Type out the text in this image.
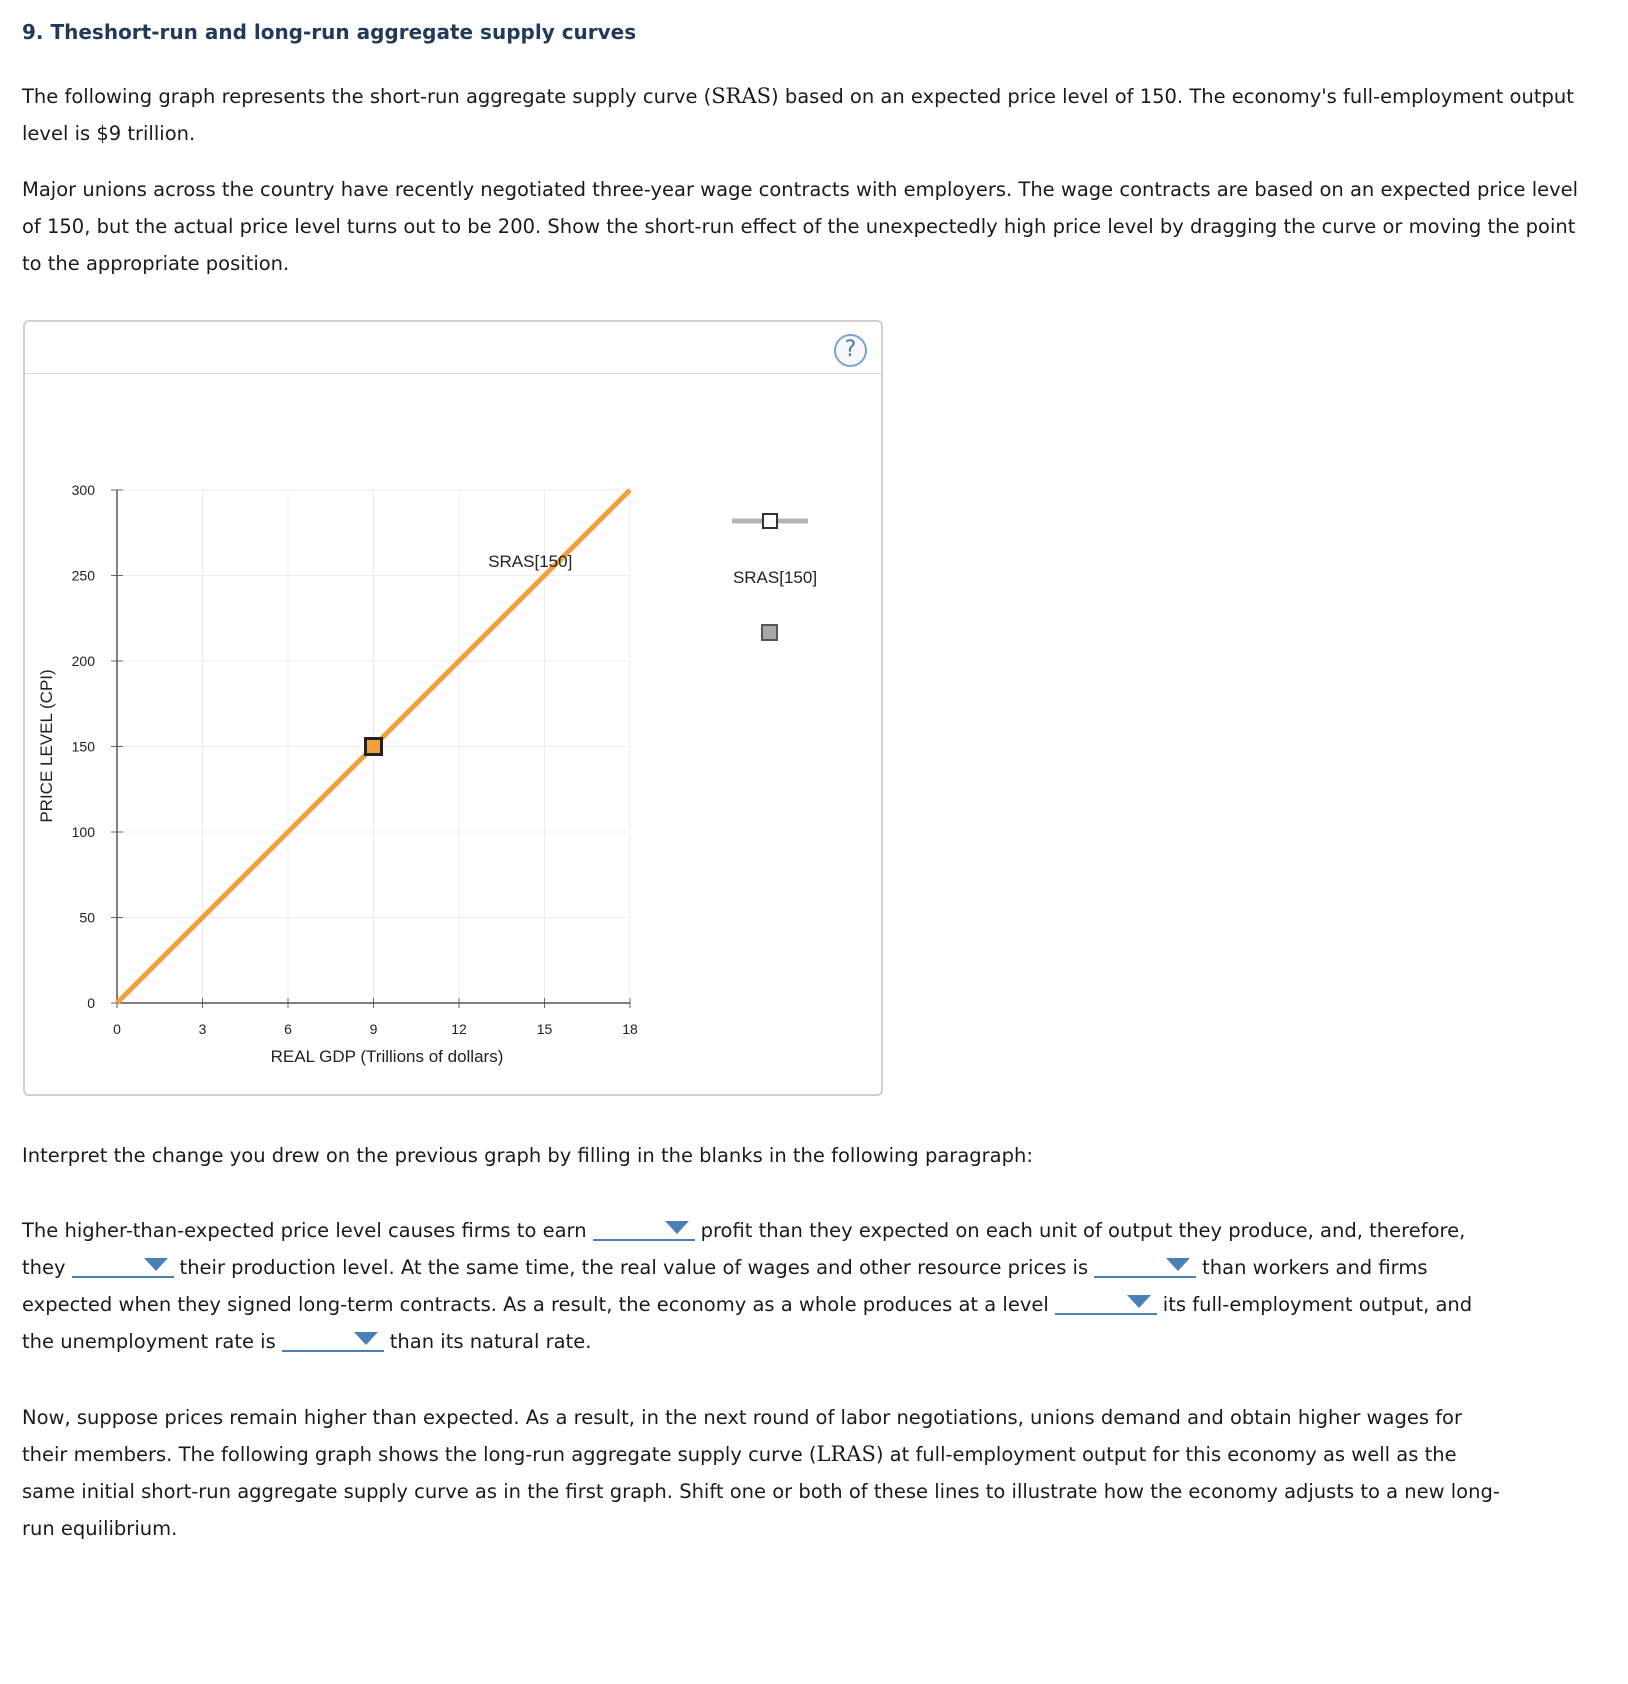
9. Theshort-run and long-run aggregate supply curves
The following graph represents the short-run aggregate supply curve (SRAS) based on an expected price level of 150. The economy's full-employment output level is $9 trillion.
Major unions across the country have recently negotiated three-year wage contracts with employers. The wage contracts are based on an expected price level of 150, but the actual price level turns out to be 200. Show the short-run effect of the unexpectedly high price level by dragging the curve or moving the point to the appropriate position.
?
0	3	6	9	12	15	18
0
50
100
150
200
250
300
PRICE LEVEL (CPI)
REAL GDP (Trillions of dollars)
SRAS[150]
SRAS[150]
Interpret the change you drew on the previous graph by filling in the blanks in the following paragraph:
The higher-than-expected price level causes firms to earn	profit than they expected on each unit of output they produce, and, therefore, they	their production level. At the same time, the real value of wages and other resource prices is	than workers and firms expected when they signed long-term contracts. As a result, the economy as a whole produces at a level	its full-employment output, and the unemployment rate is	than its natural rate.
Now, suppose prices remain higher than expected. As a result, in the next round of labor negotiations, unions demand and obtain higher wages for their members. The following graph shows the long-run aggregate supply curve (LRAS) at full-employment output for this economy as well as the same initial short-run aggregate supply curve as in the first graph. Shift one or both of these lines to illustrate how the economy adjusts to a new long-run equilibrium.
